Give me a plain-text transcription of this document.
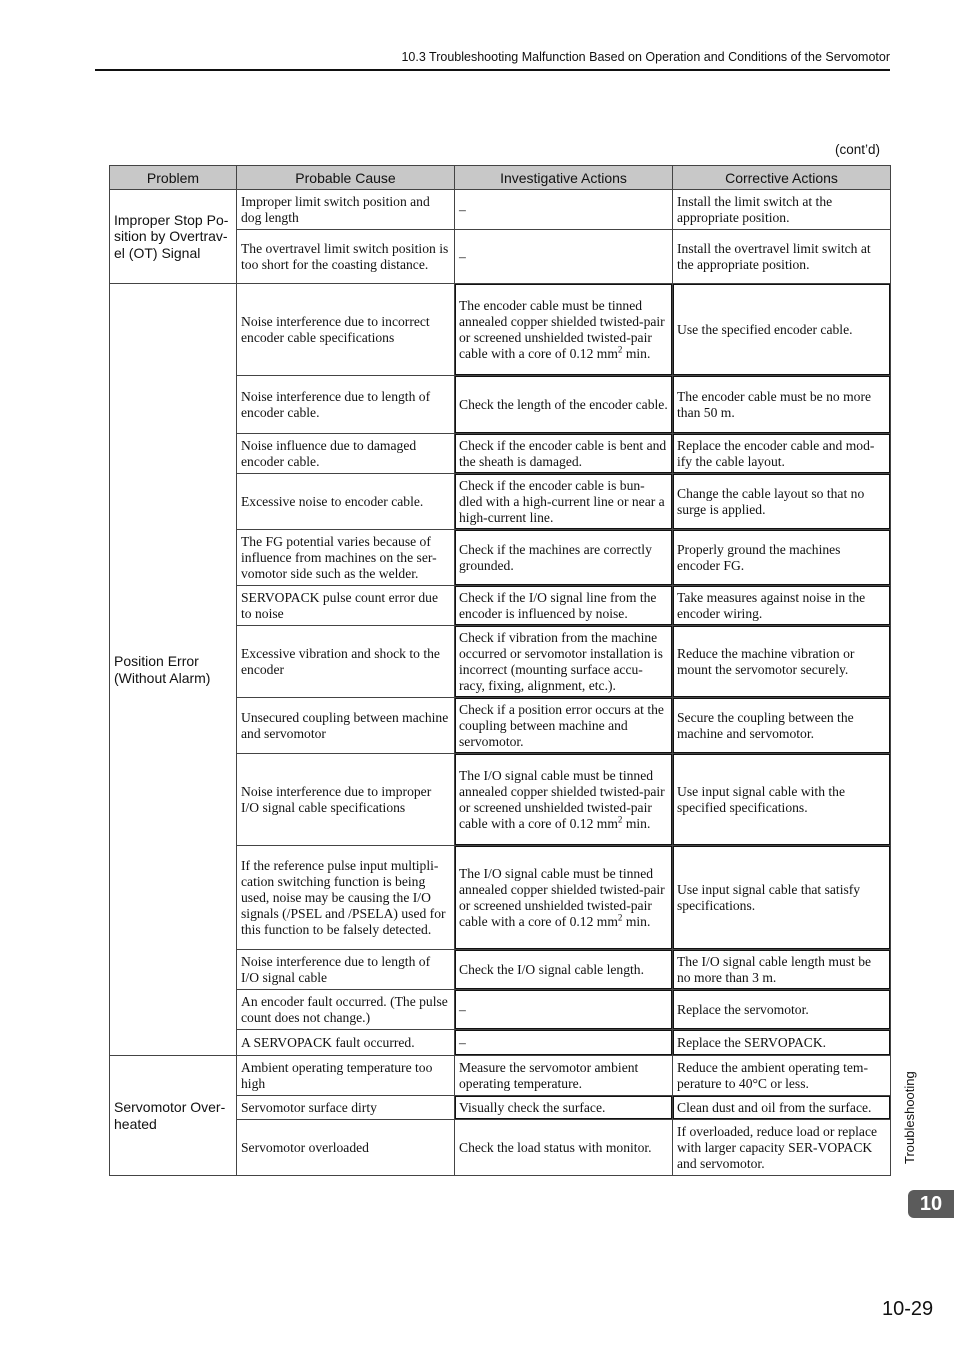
10.3 Troubleshooting Malfunction Based on Operation and Conditions of the Servomotor
(cont’d)
Problem	Probable Cause	Investigative Actions	Corrective Actions
Improper Stop Po-
sition by Overtrav-
el (OT) Signal	Improper limit switch position and dog length	–	Install the limit switch at the appropriate position.
	The overtravel limit switch position is too short for the coasting distance.	–	Install the overtravel limit switch at the appropriate position.
Position Error
(Without Alarm)	Noise interference due to incorrect encoder cable specifications	The encoder cable must be tinned annealed copper shielded twisted-pair or screened unshielded twisted-pair cable with a core of 0.12 $mm^2$ min.	Use the specified encoder cable.
	Noise interference due to length of encoder cable.	Check the length of the encoder cable.	The encoder cable must be no more than 50 m.
	Noise influence due to damaged encoder cable.	Check if the encoder cable is bent and the sheath is damaged.	Replace the encoder cable and mod-ify the cable layout.
	Excessive noise to encoder cable.	Check if the encoder cable is bun-dled with a high-current line or near a high-current line.	Change the cable layout so that no surge is applied.
	The FG potential varies because of influence from machines on the ser-vomotor side such as the welder.	Check if the machines are correctly grounded.	Properly ground the machines encoder FG.
	SERVOPACK pulse count error due to noise	Check if the I/O signal line from the encoder is influenced by noise.	Take measures against noise in the encoder wiring.
	Excessive vibration and shock to the encoder	Check if vibration from the machine occurred or servomotor installation is incorrect (mounting surface accu-racy, fixing, alignment, etc.).	Reduce the machine vibration or mount the servomotor securely.
	Unsecured coupling between machine and servomotor	Check if a position error occurs at the coupling between machine and servomotor.	Secure the coupling between the machine and servomotor.
	Noise interference due to improper I/O signal cable specifications	The I/O signal cable must be tinned annealed copper shielded twisted-pair or screened unshielded twisted-pair cable with a core of 0.12 $mm^2$ min.	Use input signal cable with the specified specifications.
	If the reference pulse input multipli-cation switching function is being used, noise may be causing the I/O signals (/PSEL and /PSELA) used for this function to be falsely detected.	The I/O signal cable must be tinned annealed copper shielded twisted-pair or screened unshielded twisted-pair cable with a core of 0.12 $mm^2$ min.	Use input signal cable that satisfy specifications.
	Noise interference due to length of I/O signal cable	Check the I/O signal cable length.	The I/O signal cable length must be no more than 3 m.
	An encoder fault occurred. (The pulse count does not change.)	–	Replace the servomotor.
	A SERVOPACK fault occurred.	–	Replace the SERVOPACK.
Servomotor Over-
heated	Ambient operating temperature too high	Measure the servomotor ambient operating temperature.	Reduce the ambient operating tem-perature to 40°C or less.
	Servomotor surface dirty	Visually check the surface.	Clean dust and oil from the surface.
	Servomotor overloaded	Check the load status with monitor.	If overloaded, reduce load or replace with larger capacity SER-VOPACK and servomotor.	Troubleshooting
10
10-29
